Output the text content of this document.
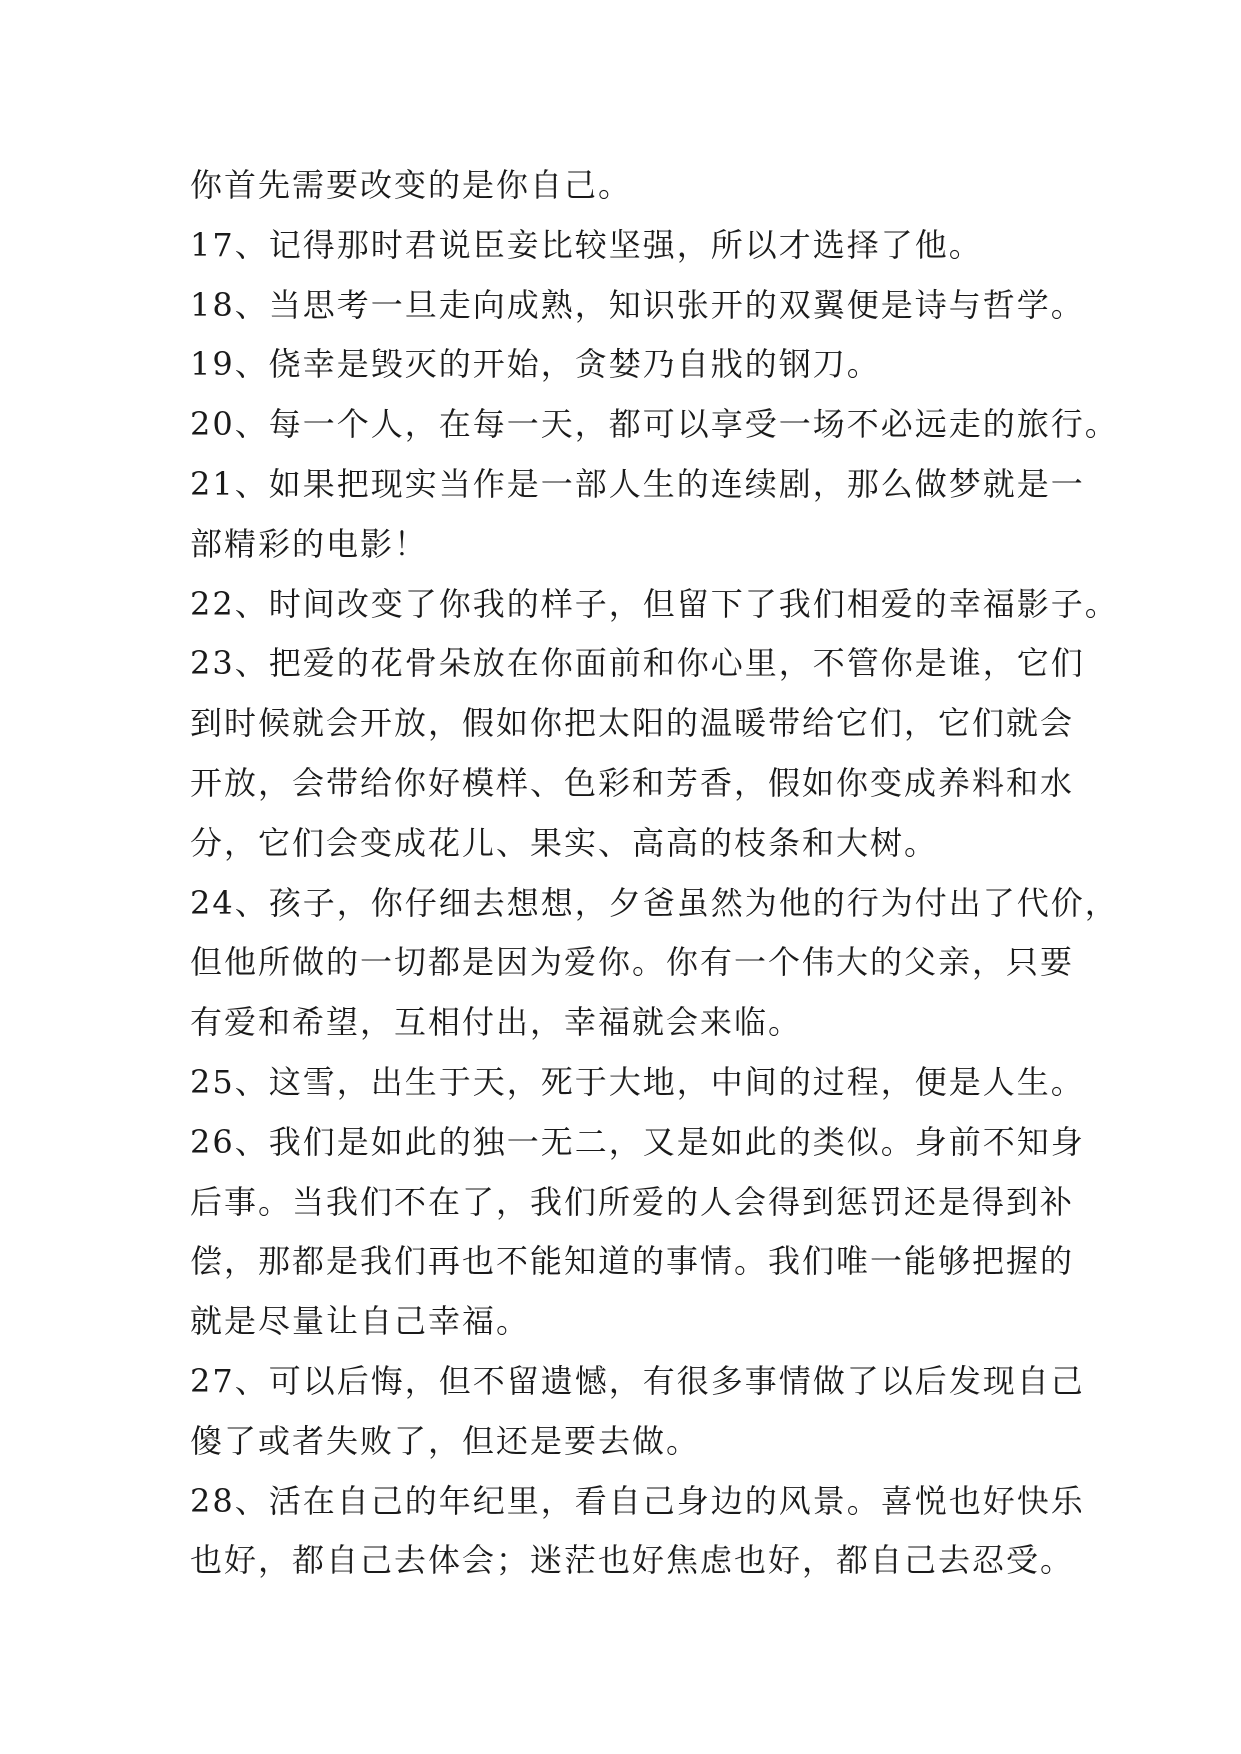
你首先需要改变的是你自己。
17、记得那时君说臣妾比较坚强，所以才选择了他。
18、当思考一旦走向成熟，知识张开的双翼便是诗与哲学。
19、侥幸是毁灭的开始，贪婪乃自戕的钢刀。
20、每一个人，在每一天，都可以享受一场不必远走的旅行。
21、如果把现实当作是一部人生的连续剧，那么做梦就是一
部精彩的电影！
22、时间改变了你我的样子，但留下了我们相爱的幸福影子。
23、把爱的花骨朵放在你面前和你心里，不管你是谁，它们
到时候就会开放，假如你把太阳的温暖带给它们，它们就会
开放，会带给你好模样、色彩和芳香，假如你变成养料和水
分，它们会变成花儿、果实、高高的枝条和大树。
24、孩子，你仔细去想想，夕爸虽然为他的行为付出了代价，
但他所做的一切都是因为爱你。你有一个伟大的父亲，只要
有爱和希望，互相付出，幸福就会来临。
25、这雪，出生于天，死于大地，中间的过程，便是人生。
26、我们是如此的独一无二，又是如此的类似。身前不知身
后事。当我们不在了，我们所爱的人会得到惩罚还是得到补
偿，那都是我们再也不能知道的事情。我们唯一能够把握的
就是尽量让自己幸福。
27、可以后悔，但不留遗憾，有很多事情做了以后发现自己
傻了或者失败了，但还是要去做。
28、活在自己的年纪里，看自己身边的风景。喜悦也好快乐
也好，都自己去体会；迷茫也好焦虑也好，都自己去忍受。
